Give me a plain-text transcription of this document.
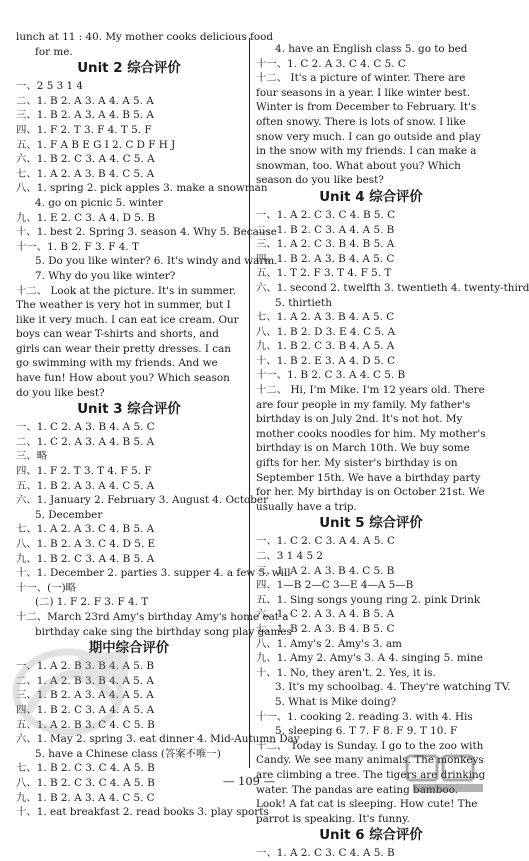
lunch at 11 : 40. My mother cooks delicious food
for me.
Unit 2 综合评价
一、2 5 3 1 4
二、1. B 2. A 3. A 4. A 5. A
三、1. B 2. A 3. A 4. B 5. A
四、1. F 2. T 3. F 4. T 5. F
五、1. F A B E G I 2. C D F H J
六、1. B 2. C 3. A 4. C 5. A
七、1. A 2. A 3. B 4. C 5. A
八、1. spring 2. pick apples 3. make a snowman
4. go on picnic 5. winter
九、1. E 2. C 3. A 4. D 5. B
十、1. best 2. Spring 3. season 4. Why 5. Because
十一、1. B 2. F 3. F 4. T
5. Do you like winter? 6. It's windy and warm.
7. Why do you like winter?
十二、 Look at the picture. It's in summer. The weather is very hot in summer, but I like it very much. I can eat ice cream. Our boys can wear T-shirts and shorts, and girls can wear their pretty dresses. I can go swimming with my friends. And we have fun! How about you? Which season do you like best?
Unit 3 综合评价
一、1. C 2. A 3. B 4. A 5. C
二、1. C 2. A 3. A 4. B 5. A
三、略
四、1. F 2. T 3. T 4. F 5. F
五、1. B 2. A 3. A 4. C 5. A
六、1. January 2. February 3. August 4. October
5. December
七、1. A 2. A 3. C 4. B 5. A
八、1. B 2. A 3. C 4. D 5. E
九、1. B 2. C 3. A 4. B 5. A
十、1. December 2. parties 3. supper 4. a few 5. will
十一、(一)略
(二) 1. F 2. F 3. F 4. T
十二、March 23rd Amy's birthday Amy's home eat a
birthday cake sing the birthday song play games
期中综合评价
一、1. A 2. B 3. B 4. A 5. B
二、1. A 2. B 3. B 4. A 5. A
三、1. B 2. A 3. A 4. A 5. A
四、1. B 2. C 3. A 4. A 5. A
五、1. A 2. B 3. C 4. C 5. B
六、1. May 2. spring 3. eat dinner 4. Mid-Autumn Day
5. have a Chinese class (答案不唯一)
七、1. B 2. C 3. C 4. A 5. B
八、1. B 2. C 3. C 4. A 5. B
九、1. B 2. A 3. A 4. C 5. C
十、1. eat breakfast 2. read books 3. play sports
4. have an English class 5. go to bed
十一、1. C 2. A 3. C 4. C 5. C
十二、 It's a picture of winter. There are four seasons in a year. I like winter best. Winter is from December to February. It's often snowy. There is lots of snow. I like snow very much. I can go outside and play in the snow with my friends. I can make a snowman, too. What about you? Which season do you like best?
Unit 4 综合评价
一、1. A 2. C 3. C 4. B 5. C
二、1. B 2. C 3. A 4. A 5. B
三、1. A 2. C 3. B 4. B 5. A
四、1. B 2. A 3. B 4. A 5. C
五、1. T 2. F 3. T 4. F 5. T
六、1. second 2. twelfth 3. twentieth 4. twenty-third
5. thirtieth
七、1. A 2. A 3. B 4. A 5. C
八、1. B 2. D 3. E 4. C 5. A
九、1. B 2. C 3. B 4. A 5. A
十、1. B 2. E 3. A 4. D 5. C
十一、1. B 2. C 3. A 4. C 5. B
十二、 Hi, I'm Mike. I'm 12 years old. There are four people in my family. My father's birthday is on July 2nd. It's not hot. My mother cooks noodles for him. My mother's birthday is on March 10th. We buy some gifts for her. My sister's birthday is on September 15th. We have a birthday party for her. My birthday is on October 21st. We usually have a trip.
Unit 5 综合评价
一、1. C 2. C 3. A 4. A 5. C
二、3 1 4 5 2
三、1. A 2. A 3. B 4. C 5. B
四、1—B 2—C 3—E 4—A 5—B
五、1. Sing songs young ring 2. pink Drink
六、1. C 2. A 3. A 4. B 5. A
七、1. B 2. A 3. B 4. B 5. C
八、1. Amy's 2. Amy's 3. am
九、1. Amy 2. Amy's 3. A 4. singing 5. mine
十、1. No, they aren't. 2. Yes, it is.
3. It's my schoolbag. 4. They're watching TV.
5. What is Mike doing?
十一、1. cooking 2. reading 3. with 4. His
5. sleeping 6. T 7. F 8. F 9. T 10. F
十二、 Today is Sunday. I go to the zoo with Candy. We see many animals. The monkeys are climbing a tree. The tigers are drinking water. The pandas are eating bamboo. Look! A fat cat is sleeping. How cute! The parrot is speaking. It's funny.
Unit 6 综合评价
一、1. A 2. C 3. C 4. A 5. B
— 109 —
